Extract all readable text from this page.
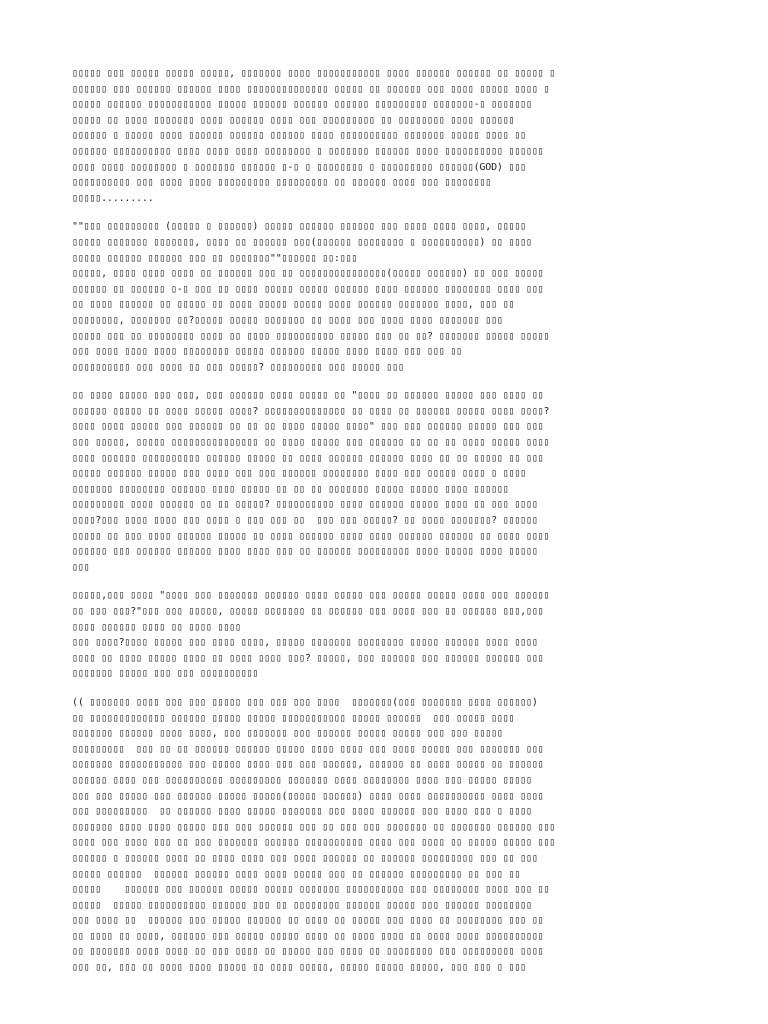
▯▯▯▯▯ ▯▯▯ ▯▯▯▯▯ ▯▯▯▯▯ ▯▯▯▯▯, ▯▯▯▯▯▯▯ ▯▯▯▯ ▯▯▯▯▯▯▯▯▯▯▯ ▯▯▯▯ ▯▯▯▯▯▯ ▯▯▯▯▯▯ ▯▯ ▯▯▯▯▯ ▯
▯▯▯▯▯▯ ▯▯▯ ▯▯▯▯▯▯ ▯▯▯▯▯▯ ▯▯▯▯ ▯▯▯▯▯▯▯▯▯▯▯▯▯▯ ▯▯▯▯▯ ▯▯ ▯▯▯▯▯▯ ▯▯▯ ▯▯▯▯ ▯▯▯▯▯ ▯▯▯▯ ▯
▯▯▯▯▯ ▯▯▯▯▯▯ ▯▯▯▯▯▯▯▯▯▯▯ ▯▯▯▯▯ ▯▯▯▯▯▯ ▯▯▯▯▯▯ ▯▯▯▯▯▯ ▯▯▯▯▯▯▯▯▯ ▯▯▯▯▯▯▯-▯ ▯▯▯▯▯▯▯
▯▯▯▯▯ ▯▯ ▯▯▯▯ ▯▯▯▯▯▯▯ ▯▯▯▯ ▯▯▯▯▯▯ ▯▯▯▯ ▯▯▯ ▯▯▯▯▯▯▯▯▯ ▯▯ ▯▯▯▯▯▯▯▯ ▯▯▯▯ ▯▯▯▯▯▯
▯▯▯▯▯▯ ▯ ▯▯▯▯▯ ▯▯▯▯ ▯▯▯▯▯▯ ▯▯▯▯▯▯ ▯▯▯▯▯▯ ▯▯▯▯ ▯▯▯▯▯▯▯▯▯▯ ▯▯▯▯▯▯▯ ▯▯▯▯▯ ▯▯▯▯ ▯▯
▯▯▯▯▯▯ ▯▯▯▯▯▯▯▯▯▯ ▯▯▯▯ ▯▯▯▯ ▯▯▯▯ ▯▯▯▯▯▯▯▯ ▯ ▯▯▯▯▯▯▯ ▯▯▯▯▯▯ ▯▯▯▯ ▯▯▯▯▯▯▯▯▯▯ ▯▯▯▯▯▯
▯▯▯▯ ▯▯▯▯ ▯▯▯▯▯▯▯▯ ▯ ▯▯▯▯▯▯▯ ▯▯▯▯▯▯ ▯-▯ ▯ ▯▯▯▯▯▯▯▯ ▯ ▯▯▯▯▯▯▯▯▯ ▯▯▯▯▯▯(GOD) ▯▯▯
▯▯▯▯▯▯▯▯▯▯ ▯▯▯ ▯▯▯▯ ▯▯▯▯ ▯▯▯▯▯▯▯▯▯ ▯▯▯▯▯▯▯▯▯ ▯▯ ▯▯▯▯▯▯ ▯▯▯▯ ▯▯▯ ▯▯▯▯▯▯▯▯
▯▯▯▯▯.........
""▯▯▯ ▯▯▯▯▯▯▯▯▯ (▯▯▯▯▯ ▯ ▯▯▯▯▯▯) ▯▯▯▯▯ ▯▯▯▯▯▯ ▯▯▯▯▯▯ ▯▯▯ ▯▯▯▯ ▯▯▯▯ ▯▯▯▯, ▯▯▯▯▯
▯▯▯▯▯ ▯▯▯▯▯▯▯ ▯▯▯▯▯▯▯, ▯▯▯▯ ▯▯ ▯▯▯▯▯▯ ▯▯▯(▯▯▯▯▯▯ ▯▯▯▯▯▯▯▯ ▯ ▯▯▯▯▯▯▯▯▯▯) ▯▯ ▯▯▯▯
▯▯▯▯▯ ▯▯▯▯▯▯ ▯▯▯▯▯▯ ▯▯▯ ▯▯ ▯▯▯▯▯▯▯""▯▯▯▯▯▯ ▯▯:▯▯▯
▯▯▯▯▯, ▯▯▯▯ ▯▯▯▯ ▯▯▯▯ ▯▯ ▯▯▯▯▯▯ ▯▯▯ ▯▯ ▯▯▯▯▯▯▯▯▯▯▯▯▯▯▯(▯▯▯▯▯ ▯▯▯▯▯▯) ▯▯ ▯▯▯ ▯▯▯▯▯
▯▯▯▯▯▯ ▯▯ ▯▯▯▯▯▯ ▯-▯ ▯▯▯ ▯▯ ▯▯▯▯ ▯▯▯▯▯ ▯▯▯▯▯ ▯▯▯▯▯▯ ▯▯▯▯ ▯▯▯▯▯▯ ▯▯▯▯▯▯▯▯ ▯▯▯▯ ▯▯▯
▯▯ ▯▯▯▯ ▯▯▯▯▯▯ ▯▯ ▯▯▯▯▯ ▯▯ ▯▯▯▯ ▯▯▯▯▯ ▯▯▯▯▯ ▯▯▯▯ ▯▯▯▯▯▯ ▯▯▯▯▯▯▯ ▯▯▯▯, ▯▯▯ ▯▯
▯▯▯▯▯▯▯▯, ▯▯▯▯▯▯▯ ▯▯?▯▯▯▯▯ ▯▯▯▯▯ ▯▯▯▯▯▯▯ ▯▯ ▯▯▯▯ ▯▯▯ ▯▯▯▯ ▯▯▯▯ ▯▯▯▯▯▯▯ ▯▯▯
▯▯▯▯▯ ▯▯▯ ▯▯ ▯▯▯▯▯▯▯▯ ▯▯▯▯ ▯▯ ▯▯▯▯ ▯▯▯▯▯▯▯▯▯▯ ▯▯▯▯▯ ▯▯▯ ▯▯ ▯▯? ▯▯▯▯▯▯▯ ▯▯▯▯▯ ▯▯▯▯▯
▯▯▯ ▯▯▯▯ ▯▯▯▯ ▯▯▯▯ ▯▯▯▯▯▯▯▯ ▯▯▯▯▯ ▯▯▯▯▯▯ ▯▯▯▯▯ ▯▯▯▯ ▯▯▯▯ ▯▯▯ ▯▯▯ ▯▯
▯▯▯▯▯▯▯▯▯▯ ▯▯▯ ▯▯▯▯ ▯▯ ▯▯▯ ▯▯▯▯▯? ▯▯▯▯▯▯▯▯▯ ▯▯▯ ▯▯▯▯▯ ▯▯▯
▯▯ ▯▯▯▯ ▯▯▯▯▯ ▯▯▯ ▯▯▯, ▯▯▯ ▯▯▯▯▯▯ ▯▯▯▯ ▯▯▯▯▯ ▯▯ "▯▯▯▯ ▯▯ ▯▯▯▯▯▯ ▯▯▯▯▯ ▯▯▯ ▯▯▯▯ ▯▯
▯▯▯▯▯▯ ▯▯▯▯▯ ▯▯ ▯▯▯▯ ▯▯▯▯▯ ▯▯▯▯? ▯▯▯▯▯▯▯▯▯▯▯▯▯▯ ▯▯ ▯▯▯▯ ▯▯ ▯▯▯▯▯▯ ▯▯▯▯▯ ▯▯▯▯ ▯▯▯▯?
▯▯▯▯ ▯▯▯▯ ▯▯▯▯▯ ▯▯▯ ▯▯▯▯▯▯ ▯▯ ▯▯ ▯▯ ▯▯▯▯ ▯▯▯▯▯ ▯▯▯▯" ▯▯▯ ▯▯▯ ▯▯▯▯▯▯ ▯▯▯▯▯ ▯▯▯ ▯▯▯
▯▯▯ ▯▯▯▯▯, ▯▯▯▯▯ ▯▯▯▯▯▯▯▯▯▯▯▯▯▯▯ ▯▯ ▯▯▯▯ ▯▯▯▯▯ ▯▯▯ ▯▯▯▯▯▯ ▯▯ ▯▯ ▯▯ ▯▯▯▯ ▯▯▯▯▯ ▯▯▯▯
▯▯▯▯ ▯▯▯▯▯▯ ▯▯▯▯▯▯▯▯▯▯ ▯▯▯▯▯▯ ▯▯▯▯▯ ▯▯ ▯▯▯▯ ▯▯▯▯▯▯ ▯▯▯▯▯▯ ▯▯▯▯ ▯▯ ▯▯ ▯▯▯▯▯ ▯▯ ▯▯▯
▯▯▯▯▯ ▯▯▯▯▯▯ ▯▯▯▯▯ ▯▯▯ ▯▯▯▯ ▯▯▯ ▯▯▯ ▯▯▯▯▯▯ ▯▯▯▯▯▯▯▯ ▯▯▯▯ ▯▯▯ ▯▯▯▯▯ ▯▯▯▯ ▯ ▯▯▯▯
▯▯▯▯▯▯▯ ▯▯▯▯▯▯▯▯ ▯▯▯▯▯▯ ▯▯▯▯ ▯▯▯▯▯ ▯▯ ▯▯ ▯▯ ▯▯▯▯▯▯▯ ▯▯▯▯▯ ▯▯▯▯▯ ▯▯▯▯ ▯▯▯▯▯▯
▯▯▯▯▯▯▯▯▯ ▯▯▯▯ ▯▯▯▯▯▯ ▯▯ ▯▯ ▯▯▯▯▯? ▯▯▯▯▯▯▯▯▯▯ ▯▯▯▯ ▯▯▯▯▯▯ ▯▯▯▯▯ ▯▯▯▯ ▯▯ ▯▯▯ ▯▯▯▯
▯▯▯▯?▯▯▯ ▯▯▯▯ ▯▯▯▯ ▯▯▯ ▯▯▯▯ ▯ ▯▯▯ ▯▯▯ ▯▯  ▯▯▯ ▯▯▯ ▯▯▯▯▯? ▯▯ ▯▯▯▯ ▯▯▯▯▯▯▯? ▯▯▯▯▯▯
▯▯▯▯▯ ▯▯ ▯▯▯ ▯▯▯▯ ▯▯▯▯▯▯ ▯▯▯▯▯ ▯▯ ▯▯▯▯ ▯▯▯▯▯▯ ▯▯▯▯ ▯▯▯▯ ▯▯▯▯▯▯ ▯▯▯▯▯▯ ▯▯ ▯▯▯▯ ▯▯▯▯
▯▯▯▯▯▯ ▯▯▯ ▯▯▯▯▯▯ ▯▯▯▯▯▯ ▯▯▯▯ ▯▯▯▯ ▯▯▯ ▯▯ ▯▯▯▯▯▯ ▯▯▯▯▯▯▯▯▯ ▯▯▯▯ ▯▯▯▯▯ ▯▯▯▯ ▯▯▯▯▯
▯▯▯
▯▯▯▯▯,▯▯▯ ▯▯▯▯ "▯▯▯▯ ▯▯▯ ▯▯▯▯▯▯▯ ▯▯▯▯▯▯ ▯▯▯▯ ▯▯▯▯▯ ▯▯▯ ▯▯▯▯▯ ▯▯▯▯▯ ▯▯▯▯ ▯▯▯ ▯▯▯▯▯▯
▯▯ ▯▯▯ ▯▯▯?"▯▯▯ ▯▯▯ ▯▯▯▯▯, ▯▯▯▯▯ ▯▯▯▯▯▯▯ ▯▯ ▯▯▯▯▯▯ ▯▯▯ ▯▯▯▯ ▯▯▯ ▯▯ ▯▯▯▯▯▯ ▯▯▯,▯▯▯
▯▯▯▯ ▯▯▯▯▯▯ ▯▯▯▯ ▯▯ ▯▯▯▯ ▯▯▯▯
▯▯▯ ▯▯▯▯?▯▯▯▯ ▯▯▯▯▯ ▯▯▯ ▯▯▯▯ ▯▯▯▯, ▯▯▯▯▯ ▯▯▯▯▯▯▯ ▯▯▯▯▯▯▯▯ ▯▯▯▯▯ ▯▯▯▯▯▯ ▯▯▯▯ ▯▯▯▯
▯▯▯▯ ▯▯ ▯▯▯▯ ▯▯▯▯▯ ▯▯▯▯ ▯▯ ▯▯▯▯ ▯▯▯▯ ▯▯▯? ▯▯▯▯▯, ▯▯▯ ▯▯▯▯▯▯ ▯▯▯ ▯▯▯▯▯▯ ▯▯▯▯▯▯ ▯▯▯
▯▯▯▯▯▯▯ ▯▯▯▯▯ ▯▯▯ ▯▯▯ ▯▯▯▯▯▯▯▯▯▯
(( ▯▯▯▯▯▯▯ ▯▯▯▯ ▯▯▯ ▯▯▯ ▯▯▯▯▯ ▯▯▯ ▯▯▯ ▯▯▯ ▯▯▯▯  ▯▯▯▯▯▯▯(▯▯▯ ▯▯▯▯▯▯▯ ▯▯▯▯ ▯▯▯▯▯▯)
▯▯ ▯▯▯▯▯▯▯▯▯▯▯▯▯ ▯▯▯▯▯▯ ▯▯▯▯▯ ▯▯▯▯▯ ▯▯▯▯▯▯▯▯▯▯▯ ▯▯▯▯▯ ▯▯▯▯▯▯  ▯▯▯ ▯▯▯▯▯ ▯▯▯▯
▯▯▯▯▯▯▯ ▯▯▯▯▯▯ ▯▯▯▯ ▯▯▯▯, ▯▯▯ ▯▯▯▯▯▯▯ ▯▯▯ ▯▯▯▯▯▯ ▯▯▯▯▯ ▯▯▯▯▯ ▯▯▯ ▯▯▯ ▯▯▯▯▯
▯▯▯▯▯▯▯▯▯  ▯▯▯ ▯▯ ▯▯ ▯▯▯▯▯▯ ▯▯▯▯▯▯ ▯▯▯▯▯ ▯▯▯▯ ▯▯▯▯ ▯▯▯ ▯▯▯▯ ▯▯▯▯▯ ▯▯▯ ▯▯▯▯▯▯▯ ▯▯▯
▯▯▯▯▯▯▯ ▯▯▯▯▯▯▯▯▯▯▯ ▯▯▯ ▯▯▯▯▯ ▯▯▯▯ ▯▯▯ ▯▯▯ ▯▯▯▯▯▯, ▯▯▯▯▯▯ ▯▯ ▯▯▯▯ ▯▯▯▯▯ ▯▯ ▯▯▯▯▯▯
▯▯▯▯▯▯ ▯▯▯▯ ▯▯▯ ▯▯▯▯▯▯▯▯▯▯ ▯▯▯▯▯▯▯▯▯ ▯▯▯▯▯▯▯ ▯▯▯▯ ▯▯▯▯▯▯▯▯ ▯▯▯▯ ▯▯▯ ▯▯▯▯▯ ▯▯▯▯▯
▯▯▯ ▯▯▯ ▯▯▯▯▯ ▯▯▯ ▯▯▯▯▯▯ ▯▯▯▯▯ ▯▯▯▯▯(▯▯▯▯▯ ▯▯▯▯▯▯) ▯▯▯▯ ▯▯▯▯ ▯▯▯▯▯▯▯▯▯▯ ▯▯▯▯ ▯▯▯▯
▯▯▯ ▯▯▯▯▯▯▯▯▯  ▯▯ ▯▯▯▯▯▯ ▯▯▯▯ ▯▯▯▯▯ ▯▯▯▯▯▯▯ ▯▯▯ ▯▯▯▯ ▯▯▯▯▯▯ ▯▯▯ ▯▯▯▯ ▯▯▯ ▯ ▯▯▯▯
▯▯▯▯▯▯▯ ▯▯▯▯ ▯▯▯▯ ▯▯▯▯▯ ▯▯▯ ▯▯▯ ▯▯▯▯▯▯ ▯▯▯ ▯▯ ▯▯▯ ▯▯▯ ▯▯▯▯▯▯▯ ▯▯ ▯▯▯▯▯▯▯ ▯▯▯▯▯▯ ▯▯▯
▯▯▯▯ ▯▯▯ ▯▯▯▯ ▯▯▯ ▯▯ ▯▯▯ ▯▯▯▯▯▯▯ ▯▯▯▯▯▯ ▯▯▯▯▯▯▯▯▯▯ ▯▯▯▯ ▯▯▯ ▯▯▯▯ ▯▯ ▯▯▯▯▯ ▯▯▯▯▯ ▯▯▯
▯▯▯▯▯▯ ▯ ▯▯▯▯▯▯ ▯▯▯▯ ▯▯ ▯▯▯▯ ▯▯▯▯ ▯▯▯ ▯▯▯▯ ▯▯▯▯▯▯ ▯▯ ▯▯▯▯▯▯ ▯▯▯▯▯▯▯▯▯ ▯▯▯ ▯▯ ▯▯▯
▯▯▯▯▯ ▯▯▯▯▯▯  ▯▯▯▯▯▯ ▯▯▯▯▯▯ ▯▯▯▯ ▯▯▯▯ ▯▯▯▯▯ ▯▯▯ ▯▯ ▯▯▯▯▯▯ ▯▯▯▯▯▯▯▯▯ ▯▯ ▯▯▯ ▯▯
▯▯▯▯▯    ▯▯▯▯▯▯ ▯▯▯ ▯▯▯▯▯▯ ▯▯▯▯▯ ▯▯▯▯▯ ▯▯▯▯▯▯▯ ▯▯▯▯▯▯▯▯▯▯ ▯▯▯ ▯▯▯▯▯▯▯▯ ▯▯▯▯ ▯▯▯ ▯▯
▯▯▯▯▯  ▯▯▯▯▯ ▯▯▯▯▯▯▯▯▯▯ ▯▯▯▯▯▯ ▯▯▯ ▯▯ ▯▯▯▯▯▯▯▯ ▯▯▯▯▯▯ ▯▯▯▯▯ ▯▯▯ ▯▯▯▯▯▯ ▯▯▯▯▯▯▯▯
▯▯▯ ▯▯▯▯ ▯▯  ▯▯▯▯▯▯ ▯▯▯ ▯▯▯▯▯ ▯▯▯▯▯▯ ▯▯ ▯▯▯▯ ▯▯ ▯▯▯▯▯ ▯▯▯ ▯▯▯▯ ▯▯ ▯▯▯▯▯▯▯▯ ▯▯▯ ▯▯
▯▯ ▯▯▯▯ ▯▯ ▯▯▯▯, ▯▯▯▯▯▯ ▯▯▯ ▯▯▯▯▯ ▯▯▯▯▯ ▯▯▯▯ ▯▯ ▯▯▯▯ ▯▯▯▯ ▯▯ ▯▯▯▯ ▯▯▯▯ ▯▯▯▯▯▯▯▯▯▯
▯▯ ▯▯▯▯▯▯▯ ▯▯▯▯ ▯▯▯▯ ▯▯ ▯▯▯ ▯▯▯▯ ▯▯ ▯▯▯▯▯ ▯▯▯ ▯▯▯▯ ▯▯ ▯▯▯▯▯▯▯▯ ▯▯▯ ▯▯▯▯▯▯▯▯▯ ▯▯▯▯
▯▯▯ ▯▯, ▯▯▯ ▯▯ ▯▯▯▯ ▯▯▯▯ ▯▯▯▯▯ ▯▯ ▯▯▯▯ ▯▯▯▯▯, ▯▯▯▯▯ ▯▯▯▯▯ ▯▯▯▯▯, ▯▯▯ ▯▯▯ ▯ ▯▯▯
